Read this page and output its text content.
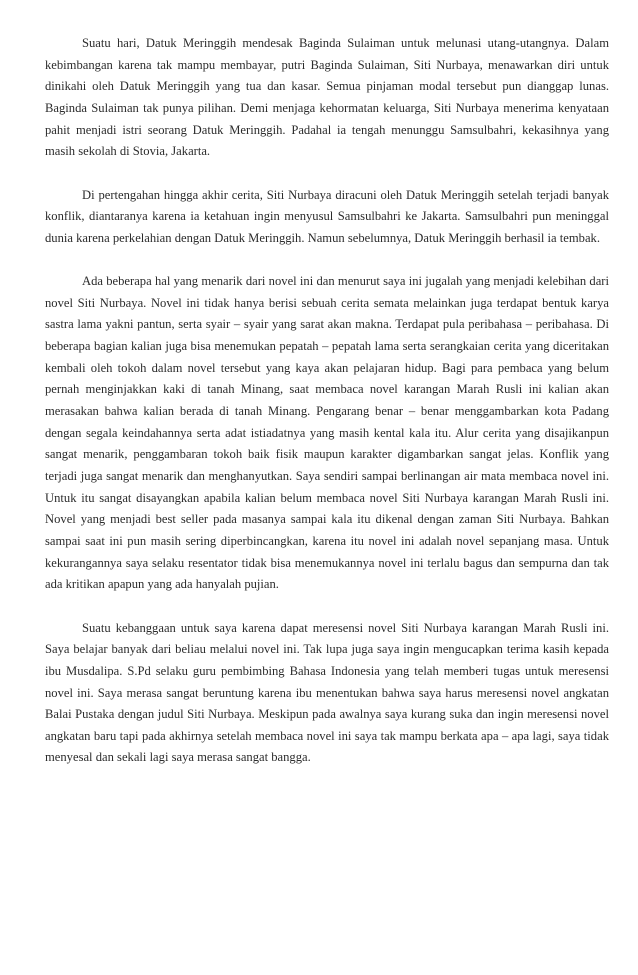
Suatu hari, Datuk Meringgih mendesak Baginda Sulaiman untuk melunasi utang-utangnya. Dalam kebimbangan karena tak mampu membayar, putri Baginda Sulaiman, Siti Nurbaya, menawarkan diri untuk dinikahi oleh Datuk Meringgih yang tua dan kasar. Semua pinjaman modal tersebut pun dianggap lunas. Baginda Sulaiman tak punya pilihan. Demi menjaga kehormatan keluarga, Siti Nurbaya menerima kenyataan pahit menjadi istri seorang Datuk Meringgih. Padahal ia tengah menunggu Samsulbahri, kekasihnya yang masih sekolah di Stovia, Jakarta.

Di pertengahan hingga akhir cerita, Siti Nurbaya diracuni oleh Datuk Meringgih setelah terjadi banyak konflik, diantaranya karena ia ketahuan ingin menyusul Samsulbahri ke Jakarta. Samsulbahri pun meninggal dunia karena perkelahian dengan Datuk Meringgih. Namun sebelumnya, Datuk Meringgih berhasil ia tembak.

Ada beberapa hal yang menarik dari novel ini dan menurut saya ini jugalah yang menjadi kelebihan dari novel Siti Nurbaya. Novel ini tidak hanya berisi sebuah cerita semata melainkan juga terdapat bentuk karya sastra lama yakni pantun, serta syair – syair yang sarat akan makna. Terdapat pula peribahasa – peribahasa. Di beberapa bagian kalian juga bisa menemukan pepatah – pepatah lama serta serangkaian cerita yang diceritakan kembali oleh tokoh dalam novel tersebut yang kaya akan pelajaran hidup. Bagi para pembaca yang belum pernah menginjakkan kaki di tanah Minang, saat membaca novel karangan Marah Rusli ini kalian akan merasakan bahwa kalian berada di tanah Minang. Pengarang benar – benar menggambarkan kota Padang dengan segala keindahannya serta adat istiadatnya yang masih kental kala itu. Alur cerita yang disajikanpun sangat menarik, penggambaran tokoh baik fisik maupun karakter digambarkan sangat jelas. Konflik yang terjadi juga sangat menarik dan menghanyutkan. Saya sendiri sampai berlinangan air mata membaca novel ini. Untuk itu sangat disayangkan apabila kalian belum membaca novel Siti Nurbaya karangan Marah Rusli ini. Novel yang menjadi best seller pada masanya sampai kala itu dikenal dengan zaman Siti Nurbaya. Bahkan sampai saat ini pun masih sering diperbincangkan, karena itu novel ini adalah novel sepanjang masa. Untuk kekurangannya saya selaku resentator tidak bisa menemukannya novel ini terlalu bagus dan sempurna dan tak ada kritikan apapun yang ada hanyalah pujian.

Suatu kebanggaan untuk saya karena dapat meresensi novel Siti Nurbaya karangan Marah Rusli ini. Saya belajar banyak dari beliau melalui novel ini. Tak lupa juga saya ingin mengucapkan terima kasih kepada ibu Musdalipa. S.Pd selaku guru pembimbing Bahasa Indonesia yang telah memberi tugas untuk meresensi novel ini. Saya merasa sangat beruntung karena ibu menentukan bahwa saya harus meresensi novel angkatan Balai Pustaka dengan judul Siti Nurbaya. Meskipun pada awalnya saya kurang suka dan ingin meresensi novel angkatan baru tapi pada akhirnya setelah membaca novel ini saya tak mampu berkata apa – apa lagi, saya tidak menyesal dan sekali lagi saya merasa sangat bangga.
